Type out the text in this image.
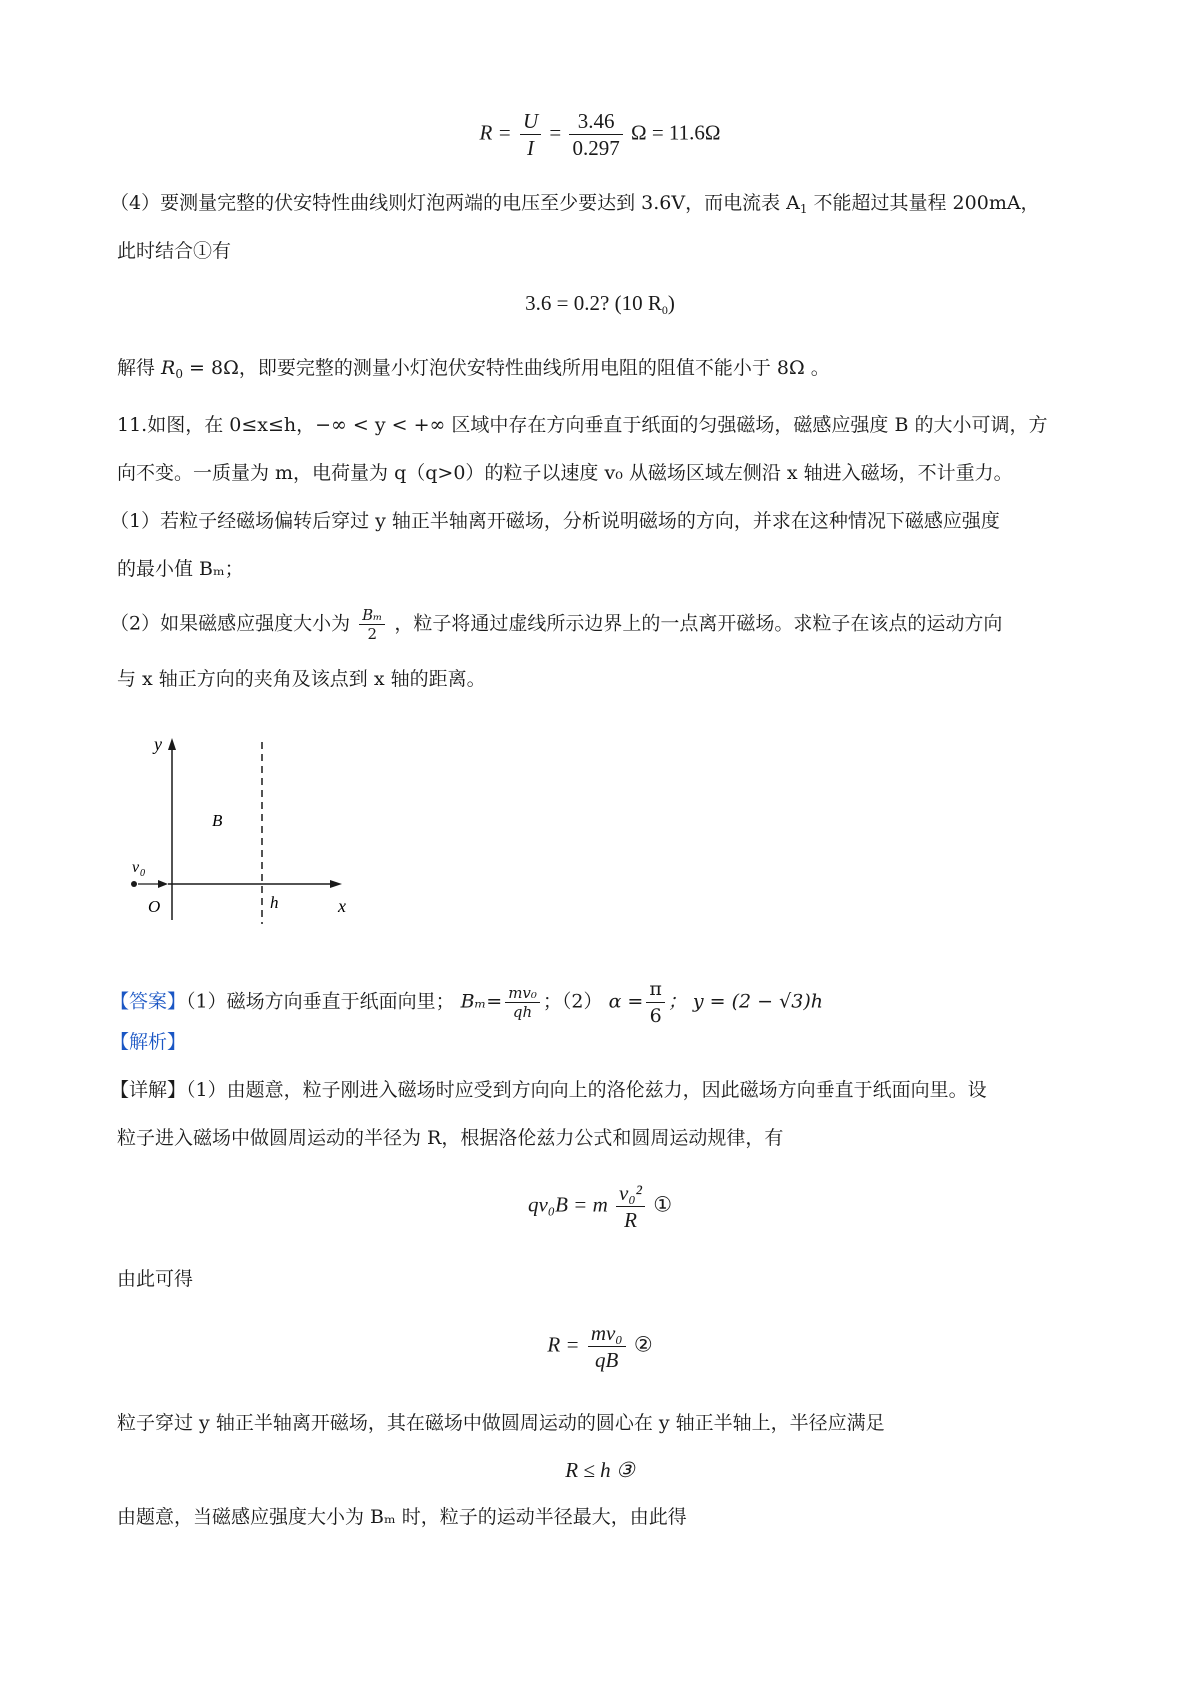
$R = \frac{U}{I} = \frac{3.46}{0.297}$ Ω = 11.6Ω
（4）要测量完整的伏安特性曲线则灯泡两端的电压至少要达到 3.6V，而电流表 $A_1$ 不能超过其量程 200mA，
此时结合①有
3.6 = 0.2? (10 $R_0$)
解得 $R_0 = 8\Omega$，即要完整的测量小灯泡伏安特性曲线所用电阻的阻值不能小于 8Ω 。
11.如图，在 0≤x≤h，−∞ < y < +∞ 区域中存在方向垂直于纸面的匀强磁场，磁感应强度 B 的大小可调，方
向不变。一质量为 m，电荷量为 q（q>0）的粒子以速度 v₀ 从磁场区域左侧沿 x 轴进入磁场，不计重力。
（1）若粒子经磁场偏转后穿过 y 轴正半轴离开磁场，分析说明磁场的方向，并求在这种情况下磁感应强度
的最小值 Bₘ；
（2）如果磁感应强度大小为 $\frac{\text{Bₘ}}{2}$ ，粒子将通过虚线所示边界上的一点离开磁场。求粒子在该点的运动方向
与 x 轴正方向的夹角及该点到 x 轴的距离。
y
x
B
v 0
O	h
【答案】（1）磁场方向垂直于纸面向里； $B_m= \frac{\text{mv₀}}{qh}$ ；（2） $\alpha = \frac{\pi}{6}$ ； y = (2 − √3)h
【解析】
【详解】（1）由题意，粒子刚进入磁场时应受到方向向上的洛伦兹力，因此磁场方向垂直于纸面向里。设
粒子进入磁场中做圆周运动的半径为 R，根据洛伦兹力公式和圆周运动规律，有
qv₀B = m $\frac{\text{v₀²}}{R}$ ①
由此可得
$R = \frac{\text{mv₀}}{qB}$ ②
粒子穿过 y 轴正半轴离开磁场，其在磁场中做圆周运动的圆心在 y 轴正半轴上，半径应满足
R ≤ h ③
由题意，当磁感应强度大小为 Bₘ 时，粒子的运动半径最大，由此得
